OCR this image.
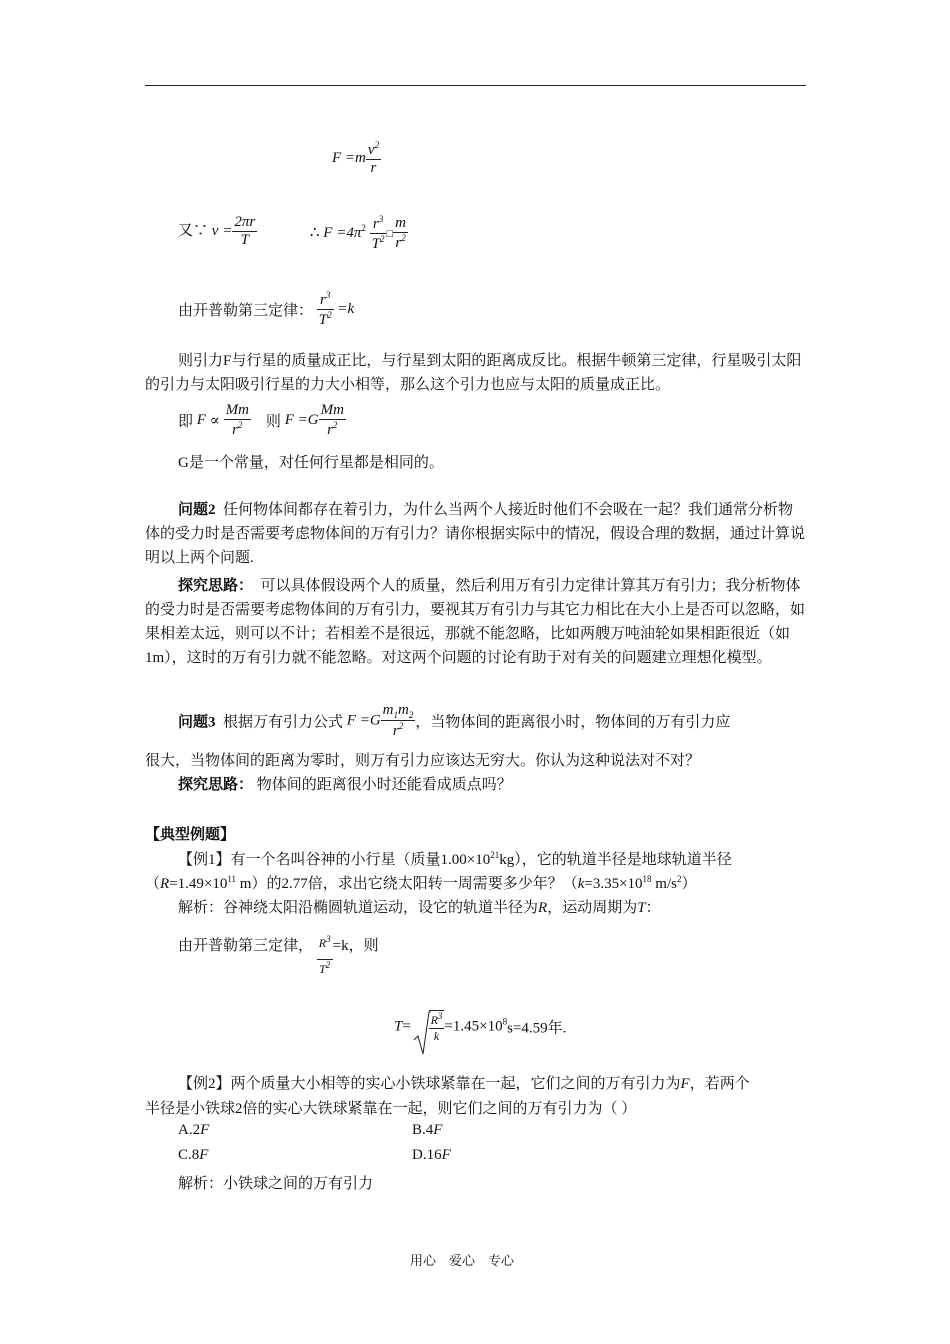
$F =m \frac{v^2}{r}$
又∵ $v = \frac{2\pi r}{T}$	∴ $F =4\pi^2 \frac{r^3}{T^2}$ □ $\frac{m}{r^2}$
由开普勒第三定律： $\frac{r^3}{T^2} =k$
则引力F与行星的质量成正比，与行星到太阳的距离成反比。根据牛顿第三定律，行星吸引太阳的引力与太阳吸引行星的力大小相等，那么这个引力也应与太阳的质量成正比。
即 $F \propto \frac{Mm}{r^2}$ 则 $F =G \frac{Mm}{r^2}$
G是一个常量，对任何行星都是相同的。
问题2 任何物体间都存在着引力，为什么当两个人接近时他们不会吸在一起？我们通常分析物体的受力时是否需要考虑物体间的万有引力？请你根据实际中的情况，假设合理的数据，通过计算说明以上两个问题.
探究思路： 可以具体假设两个人的质量，然后利用万有引力定律计算其万有引力；我分析物体的受力时是否需要考虑物体间的万有引力，要视其万有引力与其它力相比在大小上是否可以忽略，如果相差太远，则可以不计；若相差不是很远，那就不能忽略，比如两艘万吨油轮如果相距很近（如1m），这时的万有引力就不能忽略。对这两个问题的讨论有助于对有关的问题建立理想化模型。
问题3 根据万有引力公式 $F =G \frac{m_1m_2}{r^2}$ ，当物体间的距离很小时，物体间的万有引力应
很大，当物体间的距离为零时，则万有引力应该达无穷大。你认为这种说法对不对？
探究思路： 物体间的距离很小时还能看成质点吗？
【典型例题】
【例1】有一个名叫谷神的小行星（质量$1.00\times 10^{21}kg$），它的轨道半径是地球轨道半径
（$R=1.49\times 10^{11}$ m）的2.77倍，求出它绕太阳转一周需要多少年？（$k=3.35\times 10^{18}$ $m/s^2$）
解析：谷神绕太阳沿椭圆轨道运动，设它的轨道半径为R，运动周期为T：
由开普勒第三定律， $\frac{R^3}{T^2} =k$，则
$T= \frac{R^3}{k} =1.45\times 10^8s=4.59$年.
【例2】两个质量大小相等的实心小铁球紧靠在一起，它们之间的万有引力为F，若两个
半径是小铁球2倍的实心大铁球紧靠在一起，则它们之间的万有引力为（ ）
A.2F	B.4F
C.8F	D.16F
解析：小铁球之间的万有引力
用心    爱心    专心
